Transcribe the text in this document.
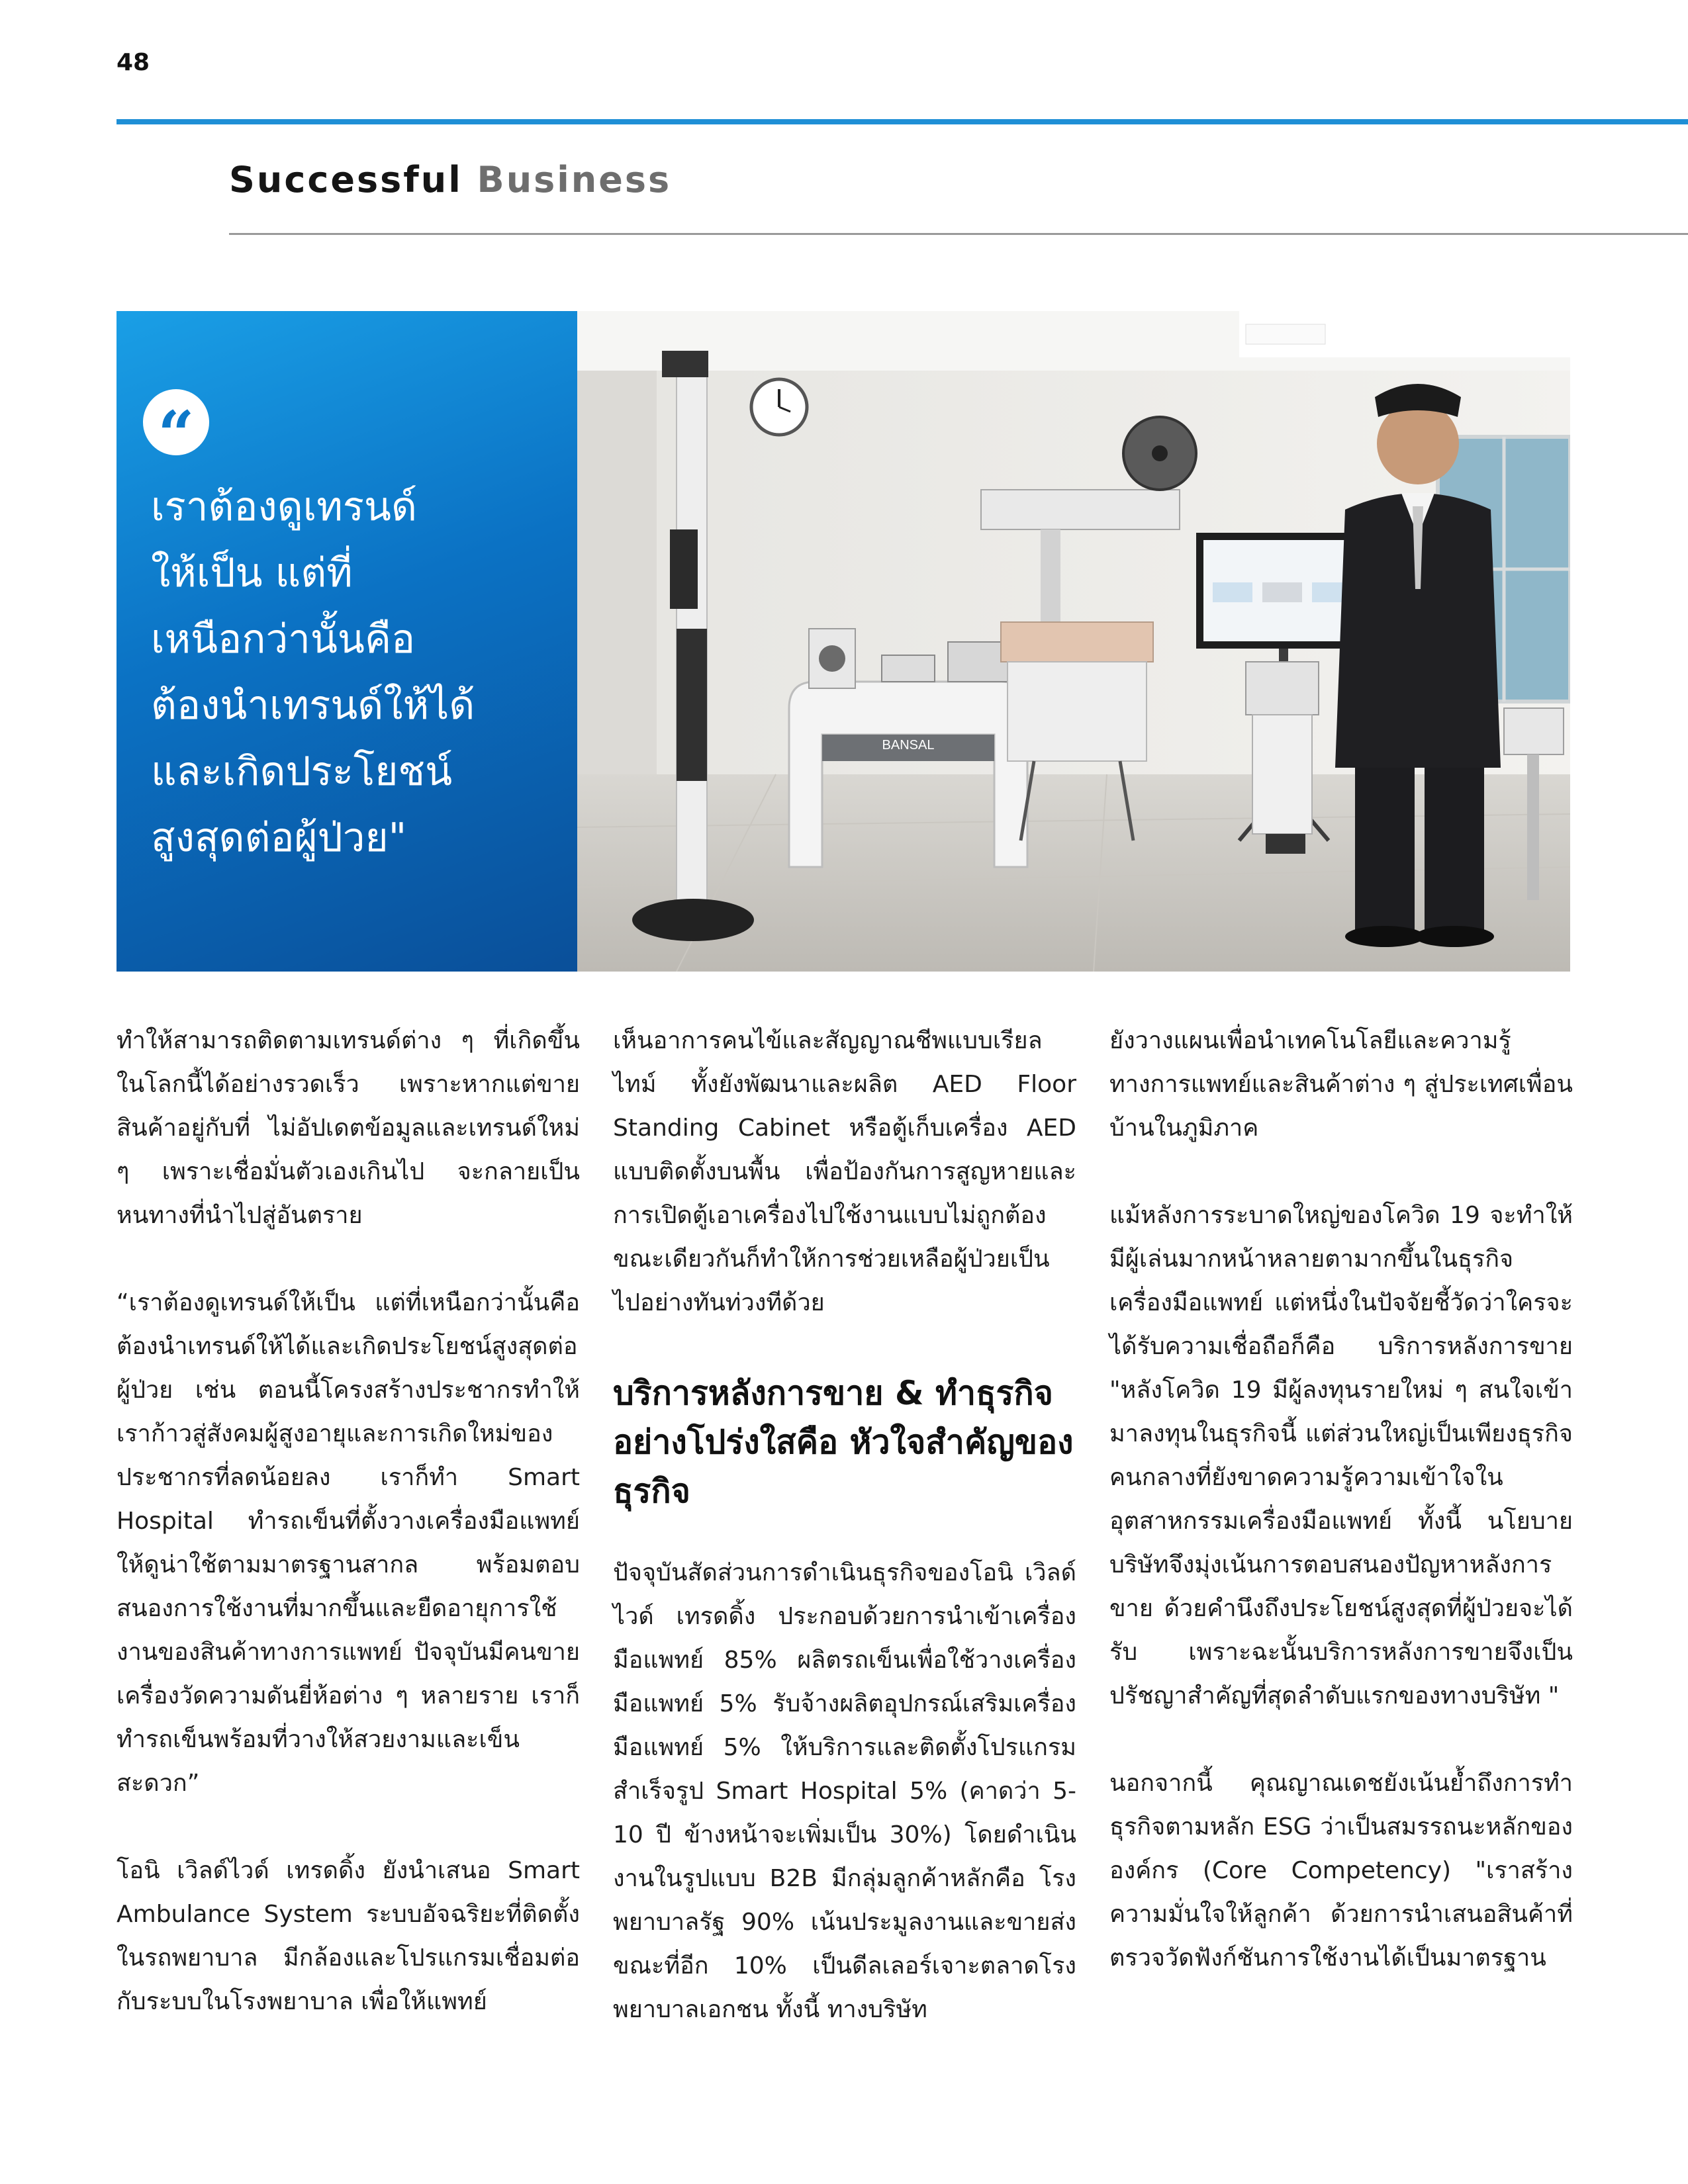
48
Successful Business
“
เราต้องดูเทรนด์
ให้เป็น แต่ที่
เหนือกว่านั้นคือ
ต้องนำเทรนด์ให้ได้
และเกิดประโยชน์
สูงสุดต่อผู้ป่วย"
BANSAL

ทำให้สามารถติดตามเทรนด์ต่าง ๆ ที่เกิดขึ้นในโลกนี้ได้อย่างรวดเร็ว เพราะหากแต่ขายสินค้าอยู่กับที่ ไม่อัปเดตข้อมูลและเทรนด์ใหม่ ๆ เพราะเชื่อมั่นตัวเองเกินไป จะกลายเป็นหนทางที่นำไปสู่อันตราย

“เราต้องดูเทรนด์ให้เป็น แต่ที่เหนือกว่านั้นคือ ต้องนำเทรนด์ให้ได้และเกิดประโยชน์สูงสุดต่อผู้ป่วย เช่น ตอนนี้โครงสร้างประชากรทำให้เราก้าวสู่สังคมผู้สูงอายุและการเกิดใหม่ของประชากรที่ลดน้อยลง เราก็ทำ Smart Hospital ทำรถเข็นที่ตั้งวางเครื่องมือแพทย์ให้ดูน่าใช้ตามมาตรฐานสากล พร้อมตอบสนองการใช้งานที่มากขึ้นและยืดอายุการใช้งานของสินค้าทางการแพทย์ ปัจจุบันมีคนขายเครื่องวัดความดันยี่ห้อต่าง ๆ หลายราย เราก็ทำรถเข็นพร้อมที่วางให้สวยงามและเข็นสะดวก”

โอนิ เวิลด์ไวด์ เทรดดิ้ง ยังนำเสนอ Smart Ambulance System ระบบอัจฉริยะที่ติดตั้งในรถพยาบาล มีกล้องและโปรแกรมเชื่อมต่อกับระบบในโรงพยาบาล เพื่อให้แพทย์

เห็นอาการคนไข้และสัญญาณชีพแบบเรียลไทม์ ทั้งยังพัฒนาและผลิต AED Floor Standing Cabinet หรือตู้เก็บเครื่อง AED แบบติดตั้งบนพื้น เพื่อป้องกันการสูญหายและการเปิดตู้เอาเครื่องไปใช้งานแบบไม่ถูกต้อง ขณะเดียวกันก็ทำให้การช่วยเหลือผู้ป่วยเป็นไปอย่างทันท่วงทีด้วย

บริการหลังการขาย & ทำธุรกิจอย่างโปร่งใสคือ หัวใจสำคัญของธุรกิจ

ปัจจุบันสัดส่วนการดำเนินธุรกิจของโอนิ เวิลด์ไวด์ เทรดดิ้ง ประกอบด้วยการนำเข้าเครื่องมือแพทย์ 85% ผลิตรถเข็นเพื่อใช้วางเครื่องมือแพทย์ 5% รับจ้างผลิตอุปกรณ์เสริมเครื่องมือแพทย์ 5% ให้บริการและติดตั้งโปรแกรมสำเร็จรูป Smart Hospital 5% (คาดว่า 5-10 ปี ข้างหน้าจะเพิ่มเป็น 30%) โดยดำเนินงานในรูปแบบ B2B มีกลุ่มลูกค้าหลักคือ โรงพยาบาลรัฐ 90% เน้นประมูลงานและขายส่ง ขณะที่อีก 10% เป็นดีลเลอร์เจาะตลาดโรงพยาบาลเอกชน ทั้งนี้ ทางบริษัท

ยังวางแผนเพื่อนำเทคโนโลยีและความรู้ทางการแพทย์และสินค้าต่าง ๆ สู่ประเทศเพื่อนบ้านในภูมิภาค

แม้หลังการระบาดใหญ่ของโควิด 19 จะทำให้มีผู้เล่นมากหน้าหลายตามากขึ้นในธุรกิจเครื่องมือแพทย์ แต่หนึ่งในปัจจัยชี้วัดว่าใครจะได้รับความเชื่อถือก็คือ บริการหลังการขาย "หลังโควิด 19 มีผู้ลงทุนรายใหม่ ๆ สนใจเข้ามาลงทุนในธุรกิจนี้ แต่ส่วนใหญ่เป็นเพียงธุรกิจคนกลางที่ยังขาดความรู้ความเข้าใจในอุตสาหกรรมเครื่องมือแพทย์ ทั้งนี้ นโยบายบริษัทจึงมุ่งเน้นการตอบสนองปัญหาหลังการขาย ด้วยคำนึงถึงประโยชน์สูงสุดที่ผู้ป่วยจะได้รับ เพราะฉะนั้นบริการหลังการขายจึงเป็นปรัชญาสำคัญที่สุดลำดับแรกของทางบริษัท "

นอกจากนี้ คุณญาณเดชยังเน้นย้ำถึงการทำธุรกิจตามหลัก ESG ว่าเป็นสมรรถนะหลักขององค์กร (Core Competency) "เราสร้างความมั่นใจให้ลูกค้า ด้วยการนำเสนอสินค้าที่ตรวจวัดฟังก์ชันการใช้งานได้เป็นมาตรฐาน
